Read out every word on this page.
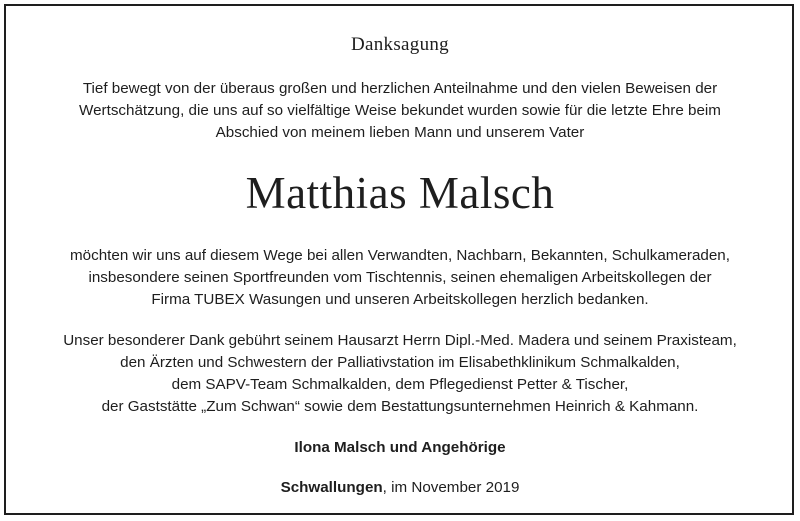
Danksagung
Tief bewegt von der überaus großen und herzlichen Anteilnahme und den vielen Beweisen der
Wertschätzung, die uns auf so vielfältige Weise bekundet wurden sowie für die letzte Ehre beim
Abschied von meinem lieben Mann und unserem Vater
Matthias Malsch
möchten wir uns auf diesem Wege bei allen Verwandten, Nachbarn, Bekannten, Schulkameraden,
insbesondere seinen Sportfreunden vom Tischtennis, seinen ehemaligen Arbeitskollegen der
Firma TUBEX Wasungen und unseren Arbeitskollegen herzlich bedanken.
Unser besonderer Dank gebührt seinem Hausarzt Herrn Dipl.-Med. Madera und seinem Praxisteam,
den Ärzten und Schwestern der Palliativstation im Elisabethklinikum Schmalkalden,
dem SAPV-Team Schmalkalden, dem Pflegedienst Petter & Tischer,
der Gaststätte „Zum Schwan“ sowie dem Bestattungsunternehmen Heinrich & Kahmann.
Ilona Malsch und Angehörige
Schwallungen, im November 2019
